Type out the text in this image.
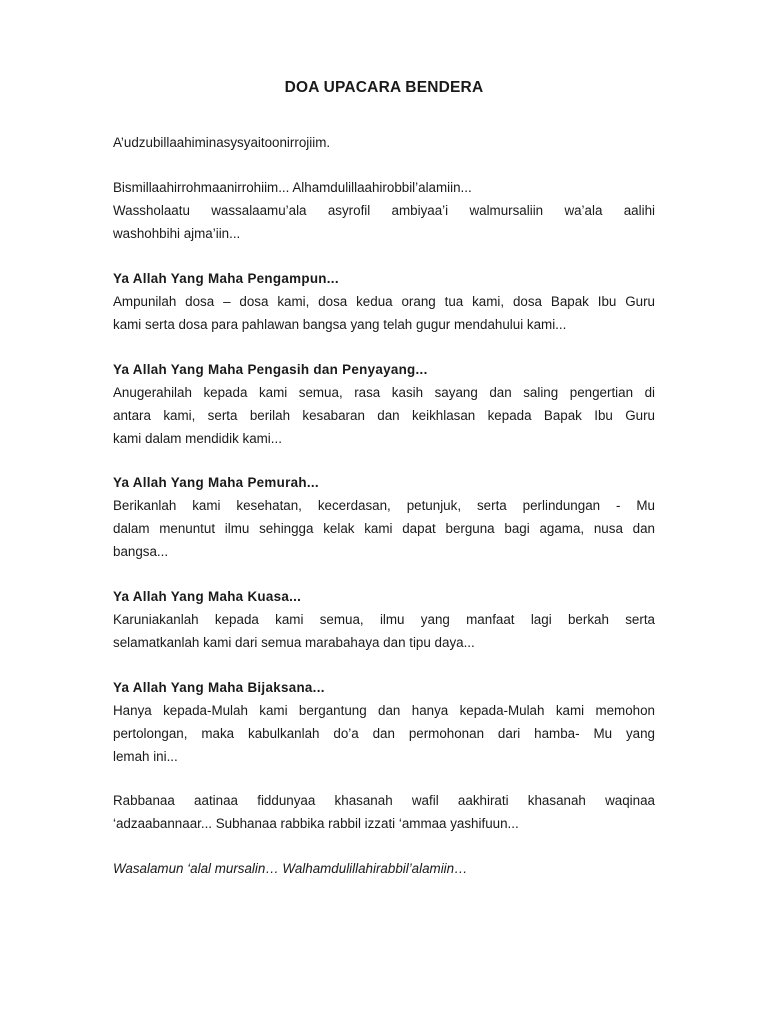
DOA UPACARA BENDERA

A’udzubillaahiminasysyaitoonirrojiim.

Bismillaahirrohmaanirrohiim... Alhamdulillaahirobbil’alamiin...
Wassholaatu wassalaamu’ala asyrofil ambiyaa’i walmursaliin wa’ala aalihi
washohbihi ajma’iin...

Ya Allah Yang Maha Pengampun...
Ampunilah dosa – dosa kami, dosa kedua orang tua kami, dosa Bapak Ibu Guru
kami serta dosa para pahlawan bangsa yang telah gugur mendahului kami...
Ya Allah Yang Maha Pengasih dan Penyayang...
Anugerahilah kepada kami semua, rasa kasih sayang dan saling pengertian di
antara kami, serta berilah kesabaran dan keikhlasan kepada Bapak Ibu Guru
kami dalam mendidik kami...
Ya Allah Yang Maha Pemurah...
Berikanlah kami kesehatan, kecerdasan, petunjuk, serta perlindungan - Mu
dalam menuntut ilmu sehingga kelak kami dapat berguna bagi agama, nusa dan
bangsa...
Ya Allah Yang Maha Kuasa...
Karuniakanlah kepada kami semua, ilmu yang manfaat lagi berkah serta
selamatkanlah kami dari semua marabahaya dan tipu daya...
Ya Allah Yang Maha Bijaksana...
Hanya kepada-Mulah kami bergantung dan hanya kepada-Mulah kami memohon
pertolongan, maka kabulkanlah do’a dan permohonan dari hamba- Mu yang
lemah ini...

Rabbanaa aatinaa fiddunyaa khasanah wafil aakhirati khasanah waqinaa
‘adzaabannaar... Subhanaa rabbika rabbil izzati ‘ammaa yashifuun...

Wasalamun ‘alal mursalin… Walhamdulillahirabbil’alamiin…
